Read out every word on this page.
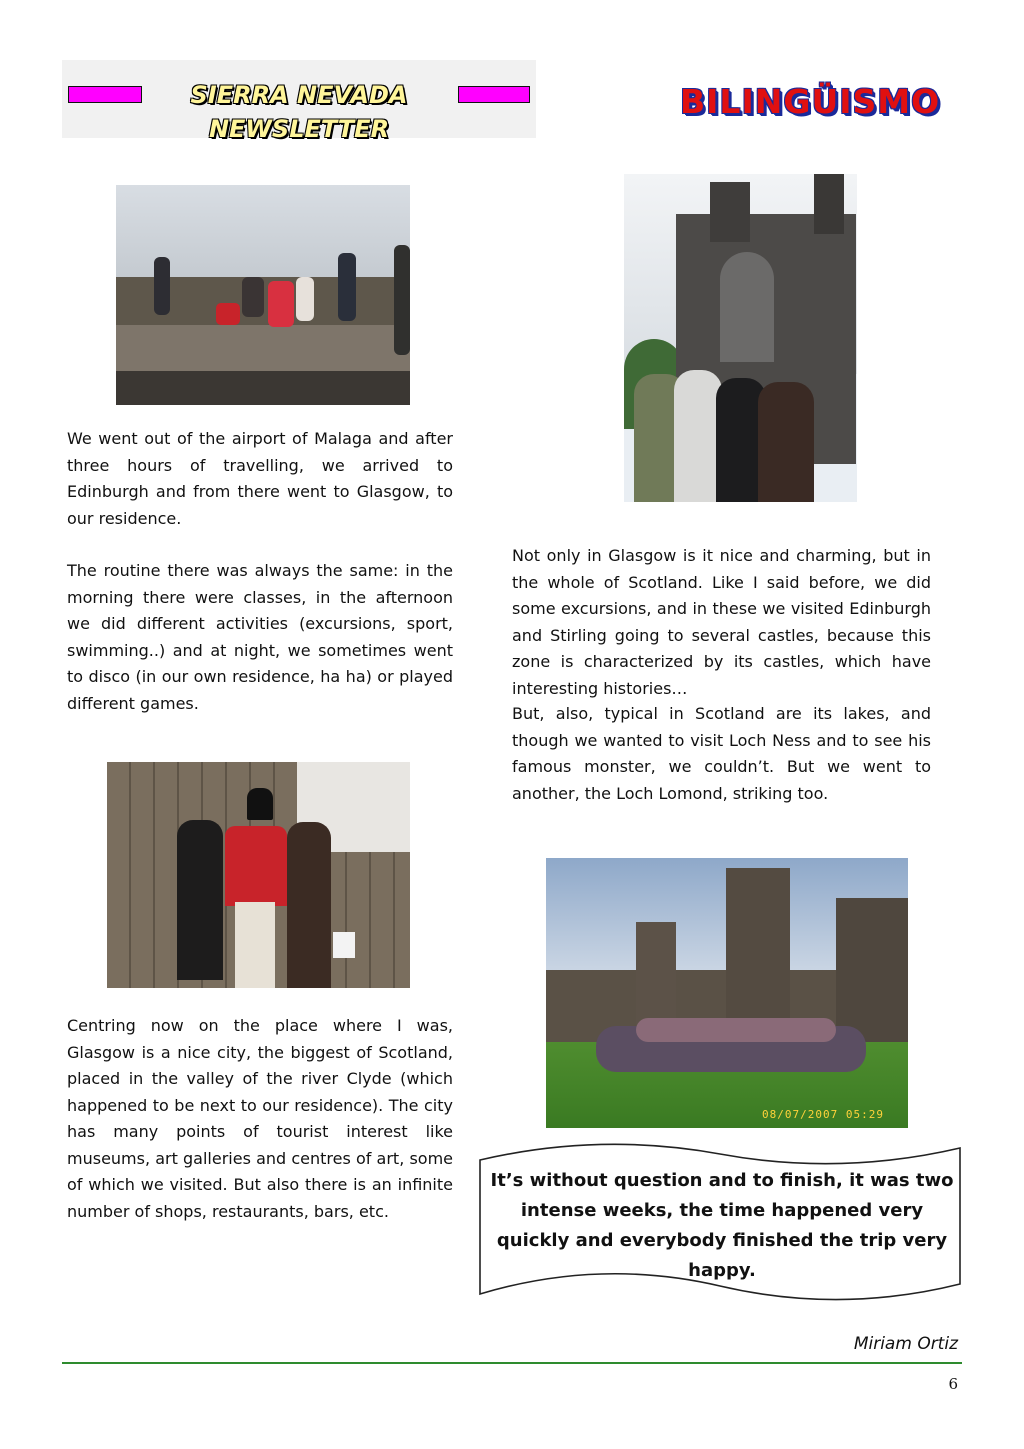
SIERRA NEVADA NEWSLETTER
BILINGÜISMO
08/07/2007 05:29
We went out of the airport of Malaga and after three hours of travelling, we arrived to Edinburgh and from there went to Glasgow, to our residence.
The routine there was always the same: in the morning there were classes, in the afternoon we did different activities (excursions, sport, swimming..) and at night, we sometimes went to disco (in our own residence, ha ha) or played different games.
Centring now on the place where I was, Glasgow is a nice city, the biggest of Scotland, placed in the valley of the river Clyde (which happened to be next to our residence). The city has many points of tourist interest like museums, art galleries and centres of art, some of which we visited. But also there is an infinite number of shops, restaurants, bars, etc.
Not only in Glasgow is it nice and charming, but in the whole of Scotland. Like I said before, we did some excursions, and in these we visited Edinburgh and Stirling going to several castles, because this zone is characterized by its castles, which have interesting histories…
But, also, typical in Scotland are its lakes, and though we wanted to visit Loch Ness and to see his famous monster, we couldn’t. But we went to another, the Loch Lomond, striking too.
It’s without question and to finish, it was two intense weeks, the time happened very quickly and everybody finished the trip very happy.
Miriam Ortiz
6
